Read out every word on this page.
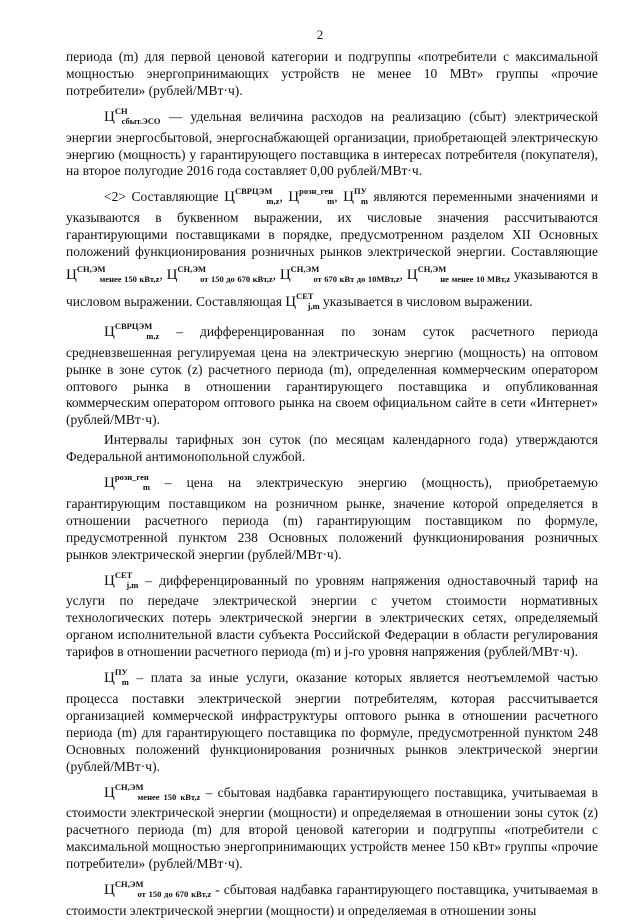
2

периода (m) для первой ценовой категории и подгруппы «потребители с максимальной мощностью энергопринимающих устройств не менее 10 МВт» группы «прочие потребители» (рублей/МВт·ч).

$Ц^{СН}_{сбыт.ЭСО}$ — удельная величина расходов на реализацию (сбыт) электрической энергии энергосбытовой, энергоснабжающей организации, приобретающей электрическую энергию (мощность) у гарантирующего поставщика в интересах потребителя (покупателя), на второе полугодие 2016 года составляет 0,00 рублей/МВт·ч.

<2> Составляющие $Ц^{СВРЦЭМ}_{m,z}$, $Ц^{розн\_ген}_m$, $Ц^{ПУ}_m$ являются переменными значениями и указываются в буквенном выражении, их числовые значения рассчитываются гарантирующими поставщиками в порядке, предусмотренном разделом XII Основных положений функционирования розничных рынков электрической энергии. Составляющие $Ц^{СН,ЭМ}_{менее 150 кВт,z}$, $Ц^{СН,ЭМ}_{от 150 до 670 кВт,z}$, $Ц^{СН,ЭМ}_{от 670 кВт до 10МВт,z}$, $Ц^{СН,ЭМ}_{не менее 10 МВт,z}$ указываются в числовом выражении. Составляющая $Ц^{СЕТ}_{j,m}$ указывается в числовом выражении.

$Ц^{СВРЦЭМ}_{m,z}$ – дифференцированная по зонам суток расчетного периода средневзвешенная регулируемая цена на электрическую энергию (мощность) на оптовом рынке в зоне суток (z) расчетного периода (m), определенная коммерческим оператором оптового рынка в отношении гарантирующего поставщика и опубликованная коммерческим оператором оптового рынка на своем официальном сайте в сети «Интернет» (рублей/МВт·ч).

Интервалы тарифных зон суток (по месяцам календарного года) утверждаются Федеральной антимонопольной службой.

$Ц^{розн\_ген}_m$ – цена на электрическую энергию (мощность), приобретаемую гарантирующим поставщиком на розничном рынке, значение которой определяется в отношении расчетного периода (m) гарантирующим поставщиком по формуле, предусмотренной пунктом 238 Основных положений функционирования розничных рынков электрической энергии (рублей/МВт·ч).

$Ц^{СЕТ}_{j,m}$ – дифференцированный по уровням напряжения одноставочный тариф на услуги по передаче электрической энергии с учетом стоимости нормативных технологических потерь электрической энергии в электрических сетях, определяемый органом исполнительной власти субъекта Российской Федерации в области регулирования тарифов в отношении расчетного периода (m) и j-го уровня напряжения (рублей/МВт·ч).

$Ц^{ПУ}_m$ – плата за иные услуги, оказание которых является неотъемлемой частью процесса поставки электрической энергии потребителям, которая рассчитывается организацией коммерческой инфраструктуры оптового рынка в отношении расчетного периода (m) для гарантирующего поставщика по формуле, предусмотренной пунктом 248 Основных положений функционирования розничных рынков электрической энергии (рублей/МВт·ч).

$Ц^{СН,ЭМ}_{менее 150 кВт,z}$ – сбытовая надбавка гарантирующего поставщика, учитываемая в стоимости электрической энергии (мощности) и определяемая в отношении зоны суток (z) расчетного периода (m) для второй ценовой категории и подгруппы «потребители с максимальной мощностью энергопринимающих устройств менее 150 кВт» группы «прочие потребители» (рублей/МВт·ч).

$Ц^{СН,ЭМ}_{от 150 до 670 кВт,z}$ - сбытовая надбавка гарантирующего поставщика, учитываемая в стоимости электрической энергии (мощности) и определяемая в отношении зоны
